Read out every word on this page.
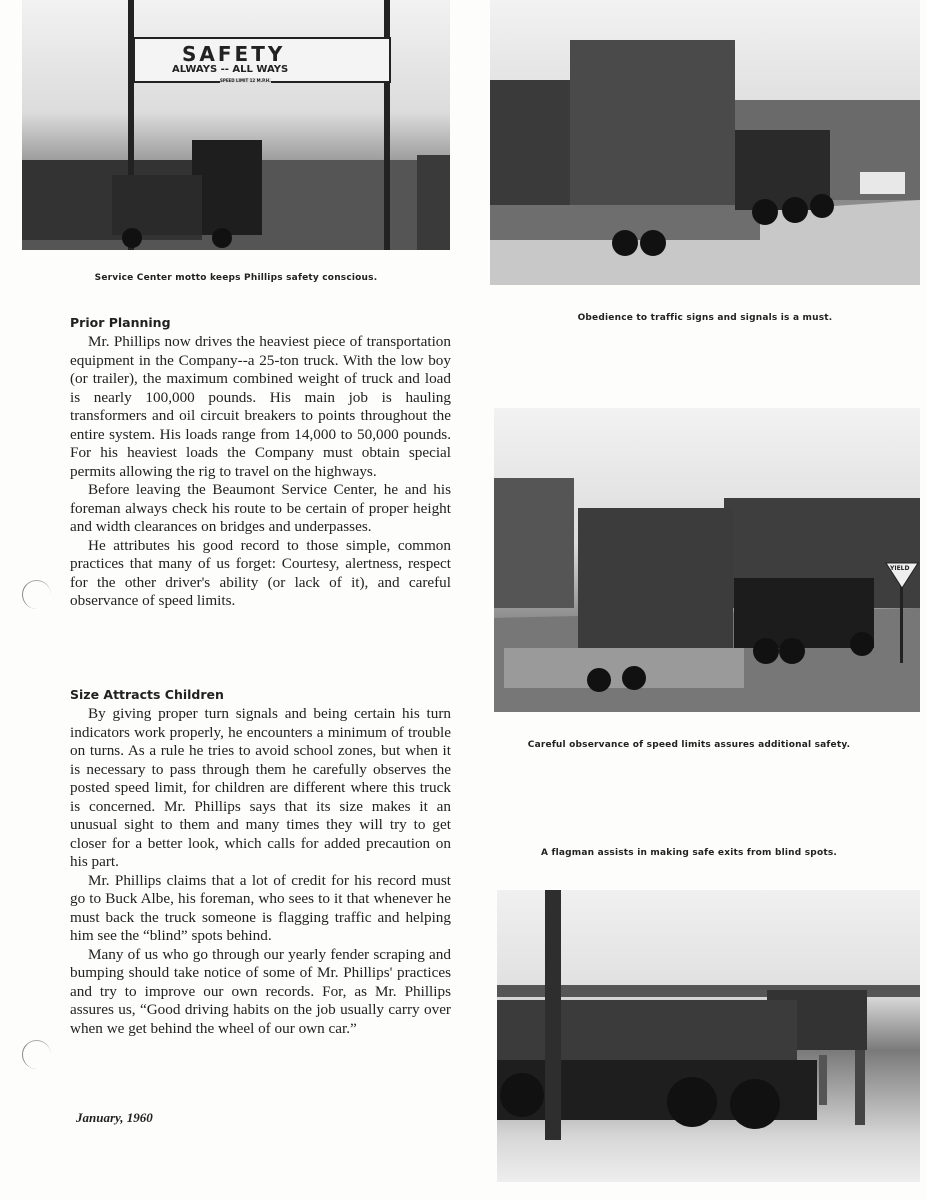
SAFETY
ALWAYS -- ALL WAYS
SPEED LIMIT 12 M.P.H.
Service Center motto keeps Phillips safety conscious.
Obedience to traffic signs and signals is a must.
YIELD
Careful observance of speed limits assures additional safety.
A flagman assists in making safe exits from blind spots.
Prior Planning

Mr. Phillips now drives the heaviest piece of transportation equipment in the Company--a 25-ton truck. With the low boy (or trailer), the maximum combined weight of truck and load is nearly 100,000 pounds. His main job is hauling transformers and oil circuit breakers to points throughout the entire system. His loads range from 14,000 to 50,000 pounds. For his heaviest loads the Company must obtain special permits allowing the rig to travel on the highways.

Before leaving the Beaumont Service Center, he and his foreman always check his route to be certain of proper height and width clearances on bridges and underpasses.

He attributes his good record to those simple, common practices that many of us forget: Courtesy, alertness, respect for the other driver's ability (or lack of it), and careful observance of speed limits.

Size Attracts Children

By giving proper turn signals and being certain his turn indicators work properly, he encounters a minimum of trouble on turns. As a rule he tries to avoid school zones, but when it is necessary to pass through them he carefully observes the posted speed limit, for children are different where this truck is concerned. Mr. Phillips says that its size makes it an unusual sight to them and many times they will try to get closer for a better look, which calls for added precaution on his part.

Mr. Phillips claims that a lot of credit for his record must go to Buck Albe, his foreman, who sees to it that whenever he must back the truck someone is flagging traffic and helping him see the “blind” spots behind.

Many of us who go through our yearly fender scraping and bumping should take notice of some of Mr. Phillips' practices and try to improve our own records. For, as Mr. Phillips assures us, “Good driving habits on the job usually carry over when we get behind the wheel of our own car.”

January, 1960
